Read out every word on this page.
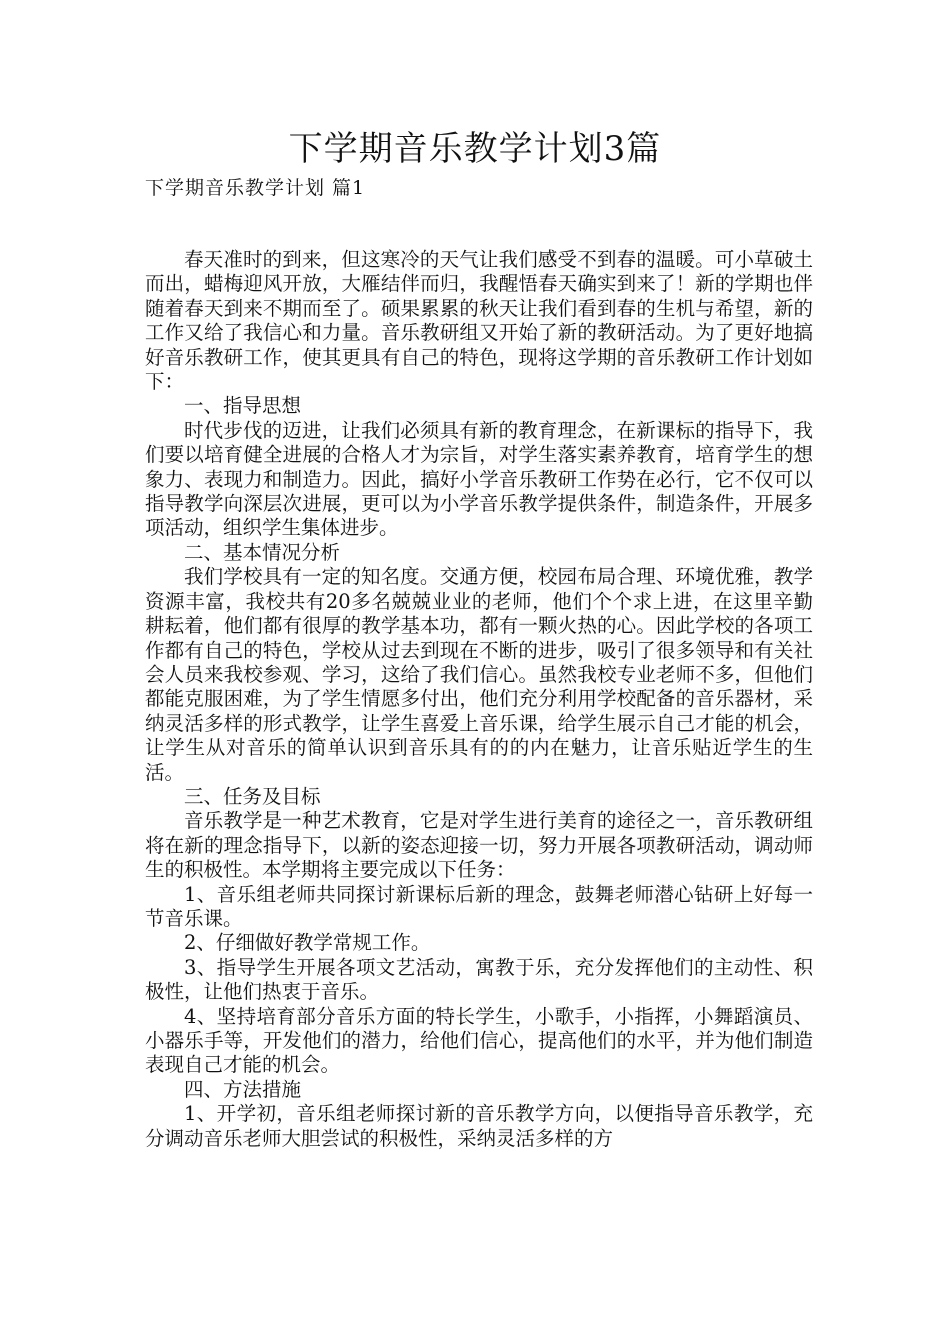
下学期音乐教学计划3篇
下学期音乐教学计划 篇1

春天准时的到来，但这寒冷的天气让我们感受不到春的温暖。可小草破土而出，蜡梅迎风开放，大雁结伴而归，我醒悟春天确实到来了！新的学期也伴随着春天到来不期而至了。硕果累累的秋天让我们看到春的生机与希望，新的工作又给了我信心和力量。音乐教研组又开始了新的教研活动。为了更好地搞好音乐教研工作，使其更具有自己的特色，现将这学期的音乐教研工作计划如下：

一、指导思想

时代步伐的迈进，让我们必须具有新的教育理念，在新课标的指导下，我们要以培育健全进展的合格人才为宗旨，对学生落实素养教育，培育学生的想象力、表现力和制造力。因此，搞好小学音乐教研工作势在必行，它不仅可以指导教学向深层次进展，更可以为小学音乐教学提供条件，制造条件，开展多项活动，组织学生集体进步。

二、基本情况分析

我们学校具有一定的知名度。交通方便，校园布局合理、环境优雅，教学资源丰富，我校共有20多名兢兢业业的老师，他们个个求上进，在这里辛勤耕耘着，他们都有很厚的教学基本功，都有一颗火热的心。因此学校的各项工作都有自己的特色，学校从过去到现在不断的进步，吸引了很多领导和有关社会人员来我校参观、学习，这给了我们信心。虽然我校专业老师不多，但他们都能克服困难，为了学生情愿多付出，他们充分利用学校配备的音乐器材，采纳灵活多样的形式教学，让学生喜爱上音乐课，给学生展示自己才能的机会，让学生从对音乐的简单认识到音乐具有的的内在魅力，让音乐贴近学生的生活。

三、任务及目标

音乐教学是一种艺术教育，它是对学生进行美育的途径之一，音乐教研组将在新的理念指导下，以新的姿态迎接一切，努力开展各项教研活动，调动师生的积极性。本学期将主要完成以下任务：

1、音乐组老师共同探讨新课标后新的理念，鼓舞老师潜心钻研上好每一节音乐课。

2、仔细做好教学常规工作。

3、指导学生开展各项文艺活动，寓教于乐，充分发挥他们的主动性、积极性，让他们热衷于音乐。

4、坚持培育部分音乐方面的特长学生，小歌手，小指挥，小舞蹈演员、小器乐手等，开发他们的潜力，给他们信心，提高他们的水平，并为他们制造表现自己才能的机会。

四、方法措施

1、开学初，音乐组老师探讨新的音乐教学方向，以便指导音乐教学，充分调动音乐老师大胆尝试的积极性，采纳灵活多样的方
